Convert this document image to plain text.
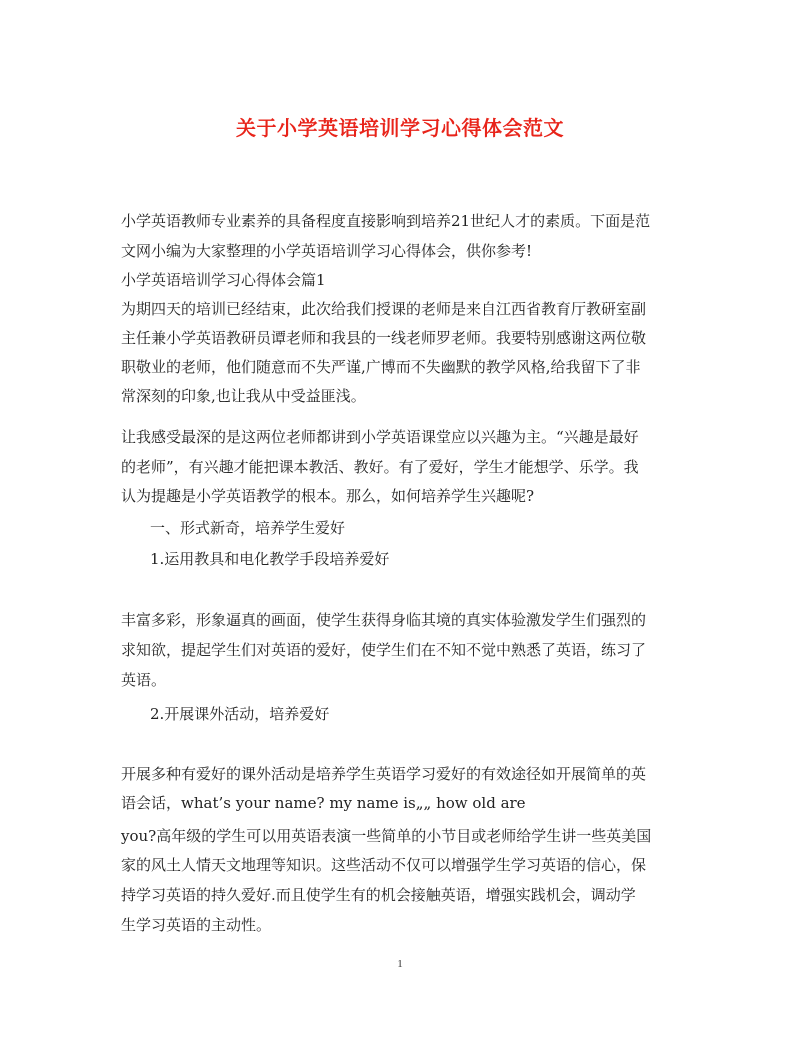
关于小学英语培训学习心得体会范文

小学英语教师专业素养的具备程度直接影响到培养21世纪人才的素质。下面是范

文网小编为大家整理的小学英语培训学习心得体会，供你参考!

小学英语培训学习心得体会篇1

为期四天的培训已经结束，此次给我们授课的老师是来自江西省教育厅教研室副

主任兼小学英语教研员谭老师和我县的一线老师罗老师。我要特别感谢这两位敬

职敬业的老师，他们随意而不失严谨,广博而不失幽默的教学风格,给我留下了非

常深刻的印象,也让我从中受益匪浅。

让我感受最深的是这两位老师都讲到小学英语课堂应以兴趣为主。“兴趣是最好

的老师”，有兴趣才能把课本教活、教好。有了爱好，学生才能想学、乐学。我

认为提趣是小学英语教学的根本。那么，如何培养学生兴趣呢?

一、形式新奇，培养学生爱好

1.运用教具和电化教学手段培养爱好

丰富多彩，形象逼真的画面，使学生获得身临其境的真实体验激发学生们强烈的

求知欲，提起学生们对英语的爱好，使学生们在不知不觉中熟悉了英语，练习了

英语。

2.开展课外活动，培养爱好

开展多种有爱好的课外活动是培养学生英语学习爱好的有效途径如开展简单的英

语会话，what’s your name? my name is„„ how old are

you?高年级的学生可以用英语表演一些简单的小节目或老师给学生讲一些英美国

家的风土人情天文地理等知识。这些活动不仅可以增强学生学习英语的信心，保

持学习英语的持久爱好.而且使学生有的机会接触英语，增强实践机会，调动学

生学习英语的主动性。

1
